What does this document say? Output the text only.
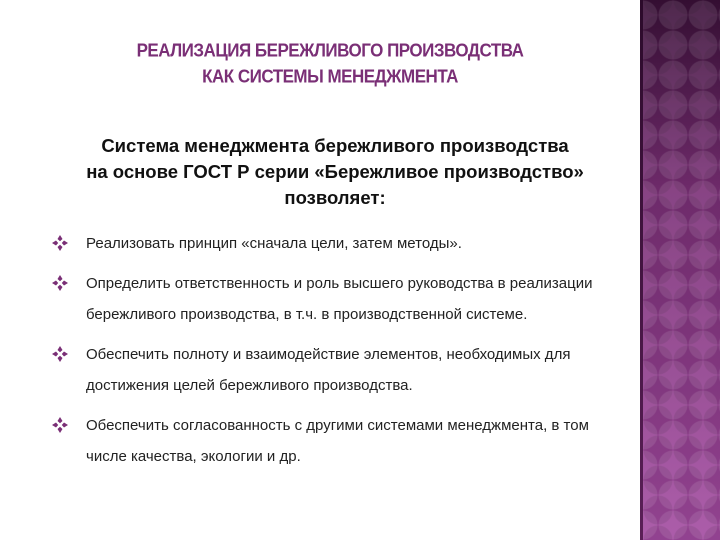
РЕАЛИЗАЦИЯ БЕРЕЖЛИВОГО ПРОИЗВОДСТВА
КАК СИСТЕМЫ МЕНЕДЖМЕНТА
Система менеджмента бережливого производства
на основе ГОСТ Р серии «Бережливое производство»
позволяет:
Реализовать принцип «сначала цели, затем методы».
Определить ответственность и роль высшего руководства в реализации бережливого производства, в т.ч. в производственной системе.
Обеспечить полноту и взаимодействие элементов, необходимых для достижения целей бережливого производства.
Обеспечить согласованность с другими системами менеджмента, в том числе качества, экологии и др.
